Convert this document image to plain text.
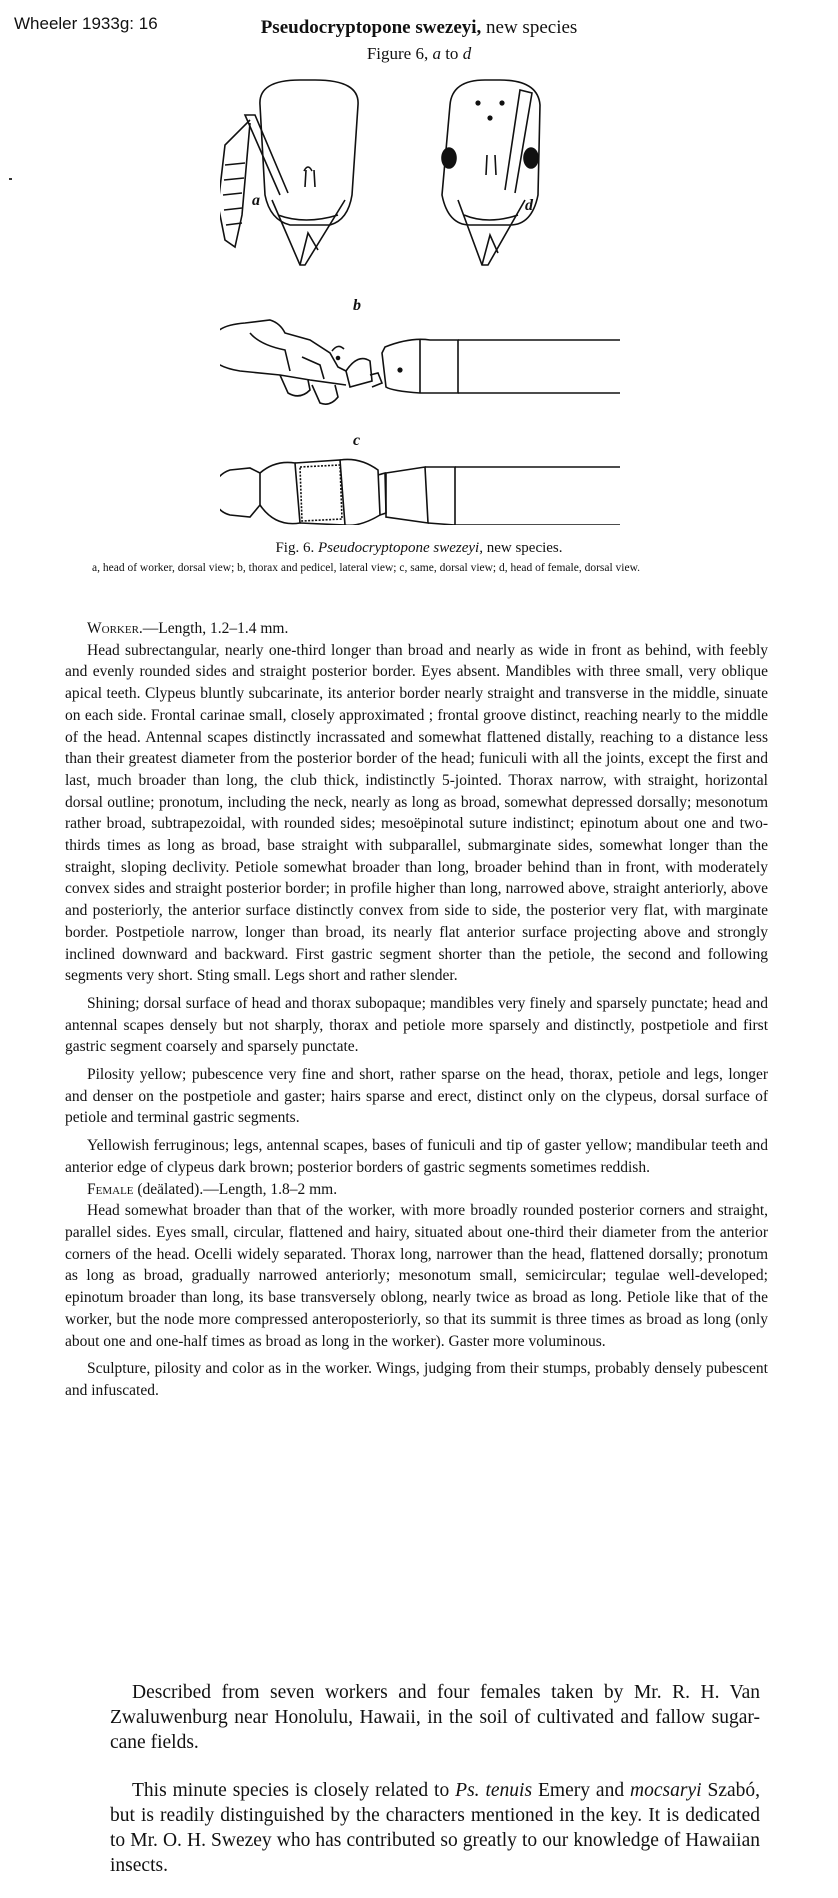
Wheeler 1933g: 16	Pseudocryptopone swezeyi, new species
Figure 6, a to d
a	d
b
c
Fig. 6. Pseudocryptopone swezeyi, new species.
a, head of worker, dorsal view; b, thorax and pedicel, lateral view; c, same, dorsal view; d, head of female, dorsal view.

Worker.—Length, 1.2–1.4 mm.

Head subrectangular, nearly one-third longer than broad and nearly as wide in front as behind, with feebly and evenly rounded sides and straight posterior border. Eyes absent. Mandibles with three small, very oblique apical teeth. Clypeus bluntly subcarinate, its anterior border nearly straight and transverse in the middle, sinuate on each side. Frontal carinae small, closely approximated ; frontal groove distinct, reaching nearly to the middle of the head. Antennal scapes distinctly incrassated and somewhat flattened distally, reaching to a distance less than their greatest diameter from the posterior border of the head; funiculi with all the joints, except the first and last, much broader than long, the club thick, indistinctly 5-jointed. Thorax narrow, with straight, horizontal dorsal outline; pronotum, including the neck, nearly as long as broad, somewhat depressed dorsally; mesonotum rather broad, subtrapezoidal, with rounded sides; mesoëpinotal suture indistinct; epinotum about one and two-thirds times as long as broad, base straight with subparallel, submarginate sides, somewhat longer than the straight, sloping declivity. Petiole somewhat broader than long, broader behind than in front, with moderately convex sides and straight posterior border; in profile higher than long, narrowed above, straight anteriorly, above and posteriorly, the anterior surface distinctly convex from side to side, the posterior very flat, with marginate border. Postpetiole narrow, longer than broad, its nearly flat anterior surface projecting above and strongly inclined downward and backward. First gastric segment shorter than the petiole, the second and following segments very short. Sting small. Legs short and rather slender.

Shining; dorsal surface of head and thorax subopaque; mandibles very finely and sparsely punctate; head and antennal scapes densely but not sharply, thorax and petiole more sparsely and distinctly, postpetiole and first gastric segment coarsely and sparsely punctate.

Pilosity yellow; pubescence very fine and short, rather sparse on the head, thorax, petiole and legs, longer and denser on the postpetiole and gaster; hairs sparse and erect, distinct only on the clypeus, dorsal surface of petiole and terminal gastric segments.

Yellowish ferruginous; legs, antennal scapes, bases of funiculi and tip of gaster yellow; mandibular teeth and anterior edge of clypeus dark brown; posterior borders of gastric segments sometimes reddish.

Female (deälated).—Length, 1.8–2 mm.

Head somewhat broader than that of the worker, with more broadly rounded posterior corners and straight, parallel sides. Eyes small, circular, flattened and hairy, situated about one-third their diameter from the anterior corners of the head. Ocelli widely separated. Thorax long, narrower than the head, flattened dorsally; pronotum as long as broad, gradually narrowed anteriorly; mesonotum small, semicircular; tegulae well-developed; epinotum broader than long, its base transversely oblong, nearly twice as broad as long. Petiole like that of the worker, but the node more compressed anteroposteriorly, so that its summit is three times as broad as long (only about one and one-half times as broad as long in the worker). Gaster more voluminous.

Sculpture, pilosity and color as in the worker. Wings, judging from their stumps, probably densely pubescent and infuscated.

Described from seven workers and four females taken by Mr. R. H. Van Zwaluwenburg near Honolulu, Hawaii, in the soil of cultivated and fallow sugar-cane fields.

This minute species is closely related to Ps. tenuis Emery and mocsaryi Szabó, but is readily distinguished by the characters mentioned in the key. It is dedicated to Mr. O. H. Swezey who has contributed so greatly to our knowledge of Hawaiian insects.
